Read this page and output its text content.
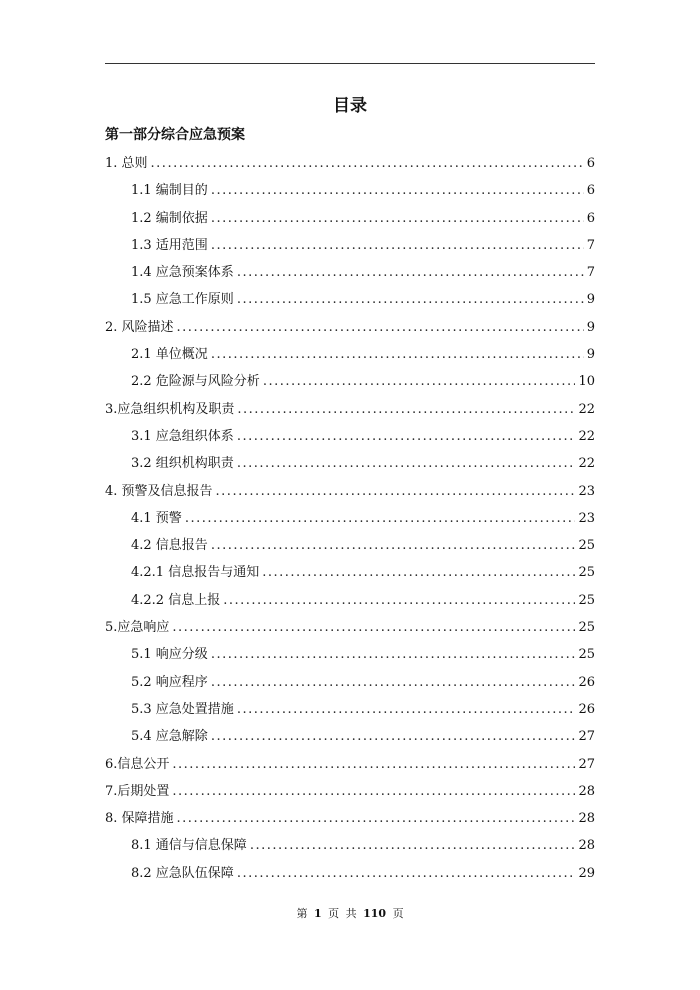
目录
第一部分综合应急预案
1. 总则 .....	6
1.1 编制目的 .....	6
1.2 编制依据 .....	6
1.3 适用范围 .....	7
1.4 应急预案体系 .....	7
1.5 应急工作原则 .....	9
2. 风险描述 .....	9
2.1 单位概况 .....	9
2.2 危险源与风险分析 .....	10
3.应急组织机构及职责 .....	22
3.1 应急组织体系 .....	22
3.2 组织机构职责 .....	22
4. 预警及信息报告 .....	23
4.1 预警 .....	23
4.2 信息报告 .....	25
4.2.1 信息报告与通知 .....	25
4.2.2 信息上报 .....	25
5.应急响应 .....	25
5.1 响应分级 .....	25
5.2 响应程序 .....	26
5.3 应急处置措施 .....	26
5.4 应急解除 .....	27
6.信息公开 .....	27
7.后期处置 .....	28
8. 保障措施 .....	28
8.1 通信与信息保障 .....	28
8.2 应急队伍保障 .....	29
第 1 页 共 110 页
